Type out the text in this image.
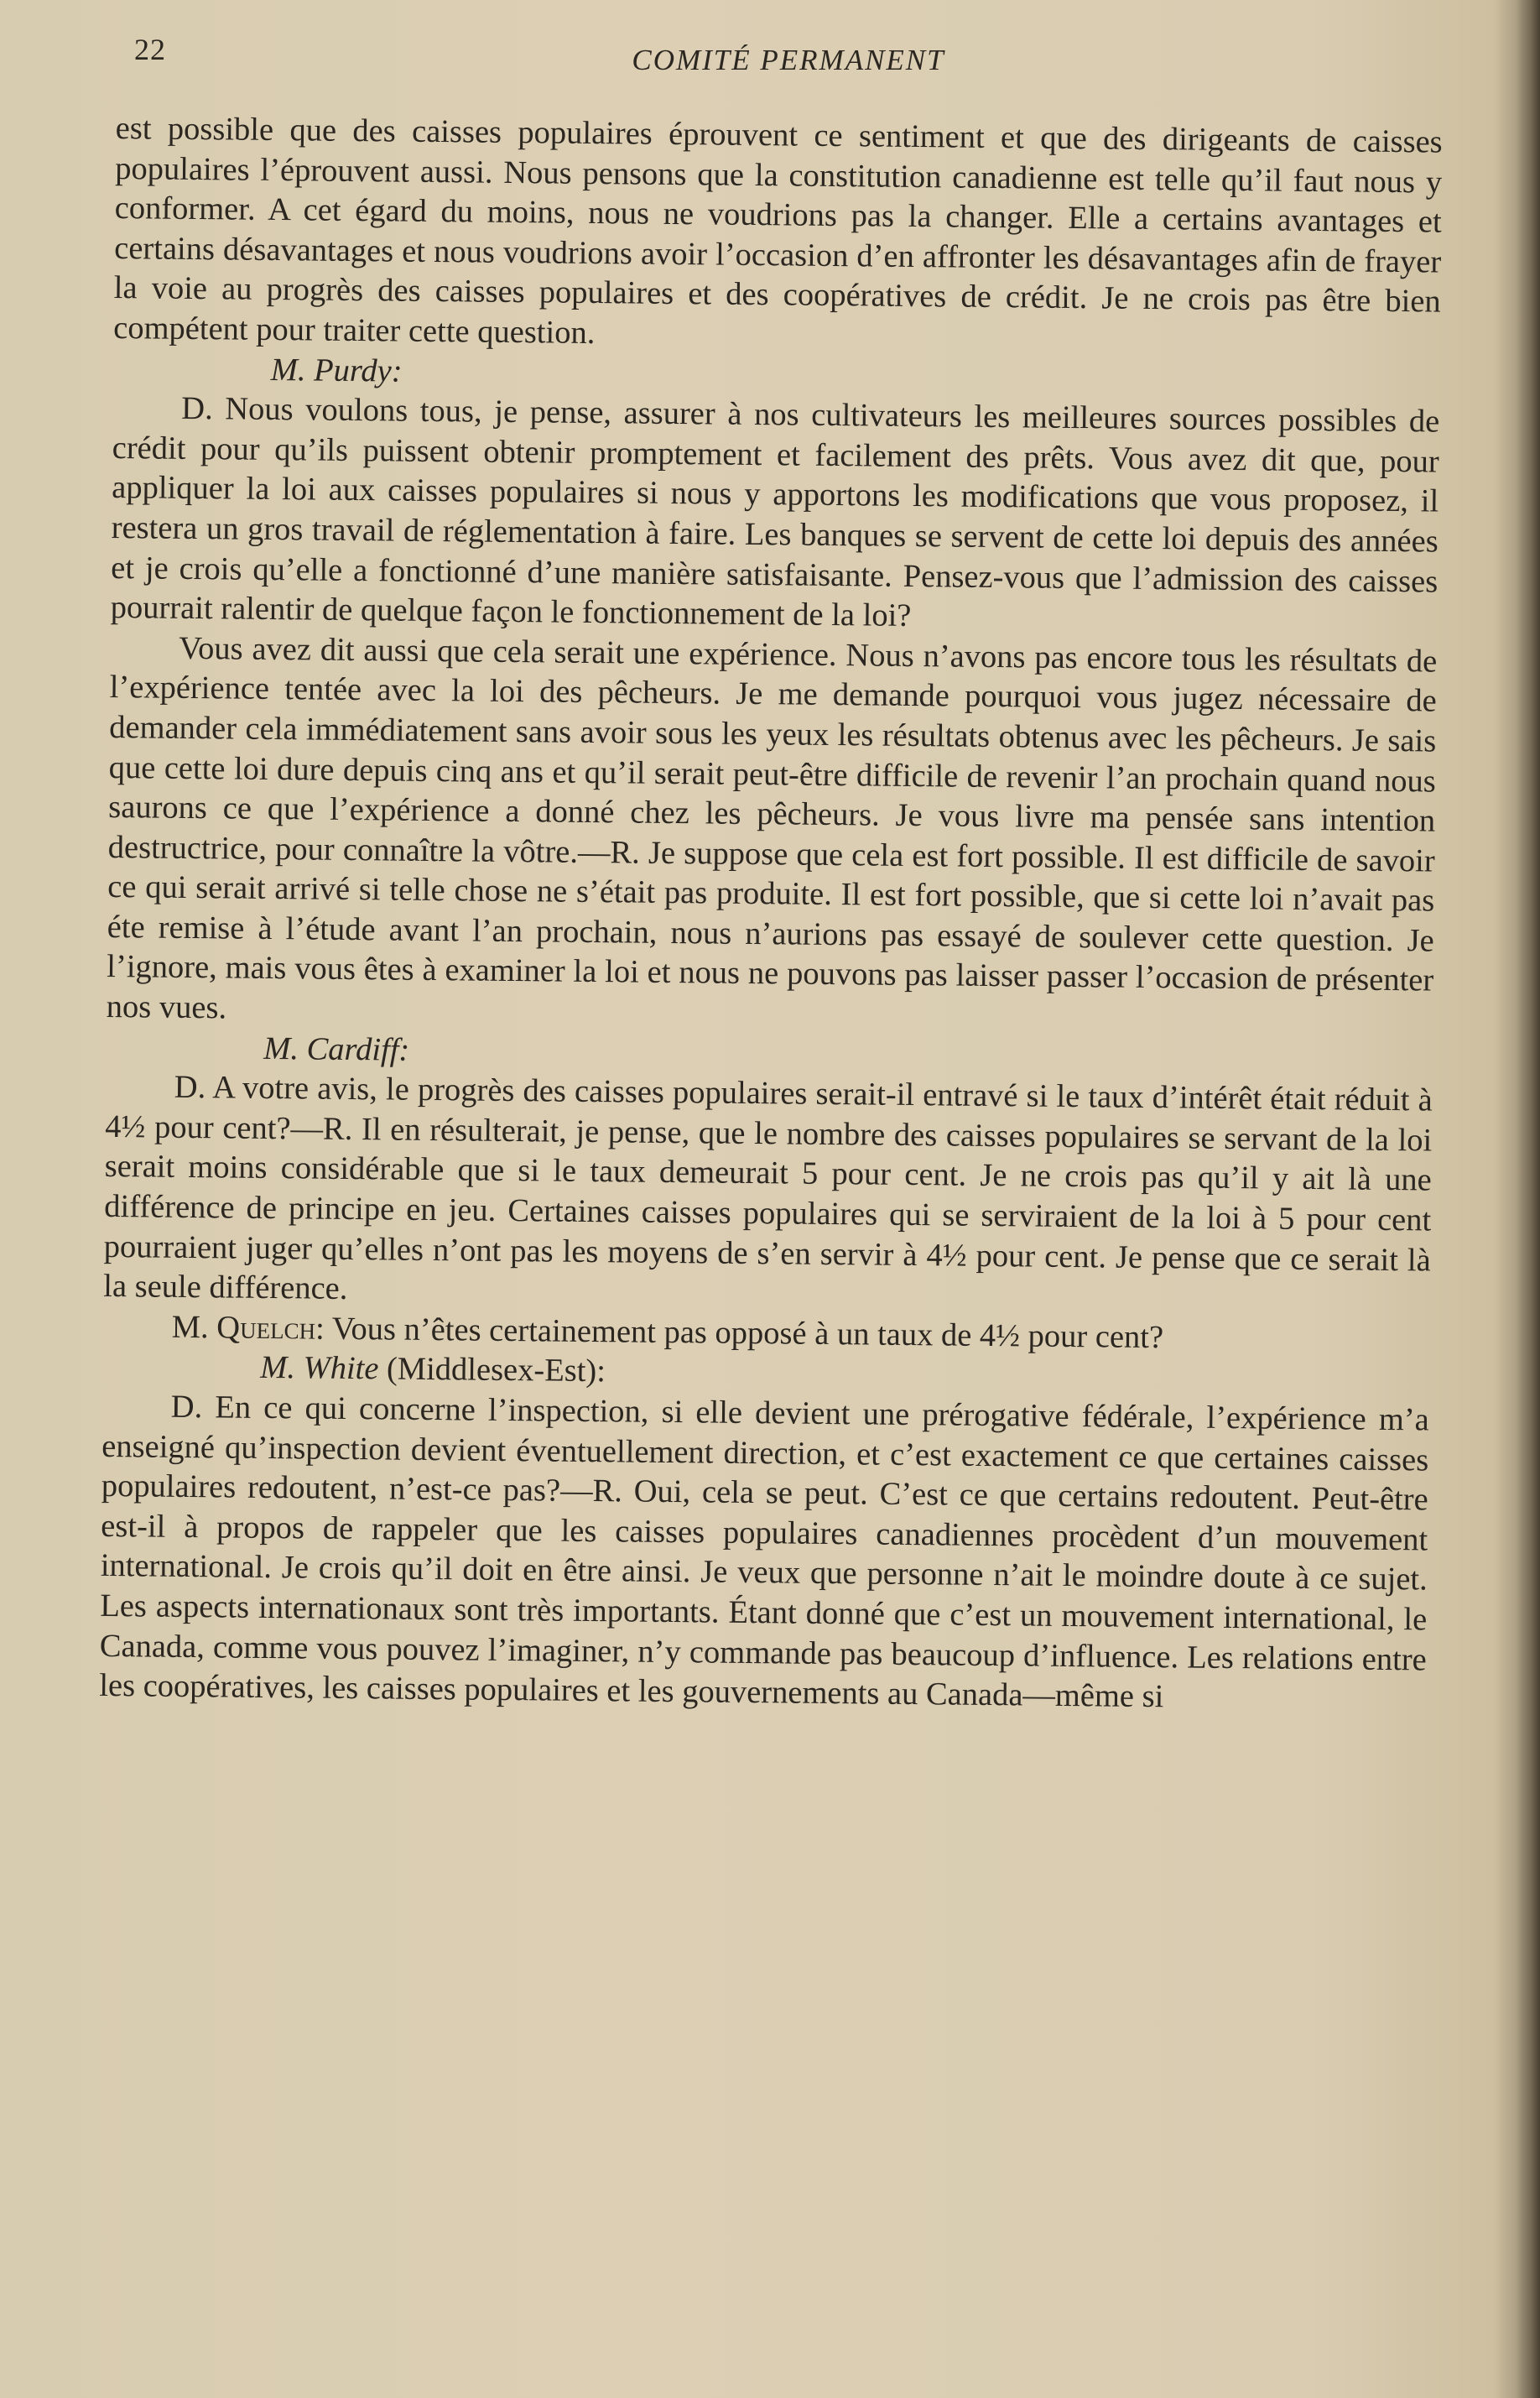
22	COMITÉ PERMANENT

est possible que des caisses populaires éprouvent ce sentiment et que des dirigeants de caisses populaires l’éprouvent aussi. Nous pensons que la constitution canadienne est telle qu’il faut nous y conformer. A cet égard du moins, nous ne voudrions pas la changer. Elle a certains avantages et certains désavantages et nous voudrions avoir l’occasion d’en affronter les désavantages afin de frayer la voie au progrès des caisses populaires et des coopératives de crédit. Je ne crois pas être bien compétent pour traiter cette question.

M. Purdy:

D. Nous voulons tous, je pense, assurer à nos cultivateurs les meilleures sources possibles de crédit pour qu’ils puissent obtenir promptement et facilement des prêts. Vous avez dit que, pour appliquer la loi aux caisses populaires si nous y apportons les modifications que vous proposez, il restera un gros travail de réglementation à faire. Les banques se servent de cette loi depuis des années et je crois qu’elle a fonctionné d’une manière satisfaisante. Pensez-vous que l’admission des caisses pourrait ralentir de quelque façon le fonctionnement de la loi?

Vous avez dit aussi que cela serait une expérience. Nous n’avons pas encore tous les résultats de l’expérience tentée avec la loi des pêcheurs. Je me demande pourquoi vous jugez nécessaire de demander cela immédiatement sans avoir sous les yeux les résultats obtenus avec les pêcheurs. Je sais que cette loi dure depuis cinq ans et qu’il serait peut-être difficile de revenir l’an prochain quand nous saurons ce que l’expérience a donné chez les pêcheurs. Je vous livre ma pensée sans intention destructrice, pour connaître la vôtre.—R. Je suppose que cela est fort possible. Il est difficile de savoir ce qui serait arrivé si telle chose ne s’était pas produite. Il est fort possible, que si cette loi n’avait pas éte remise à l’étude avant l’an prochain, nous n’aurions pas essayé de soulever cette question. Je l’ignore, mais vous êtes à examiner la loi et nous ne pouvons pas laisser passer l’occasion de présenter nos vues.

M. Cardiff:

D. A votre avis, le progrès des caisses populaires serait-il entravé si le taux d’intérêt était réduit à 4½ pour cent?—R. Il en résulterait, je pense, que le nombre des caisses populaires se servant de la loi serait moins considérable que si le taux demeurait 5 pour cent. Je ne crois pas qu’il y ait là une différence de principe en jeu. Certaines caisses populaires qui se serviraient de la loi à 5 pour cent pourraient juger qu’elles n’ont pas les moyens de s’en servir à 4½ pour cent. Je pense que ce serait là la seule différence.

M. Quelch: Vous n’êtes certainement pas opposé à un taux de 4½ pour cent?

M. White (Middlesex-Est):

D. En ce qui concerne l’inspection, si elle devient une prérogative fédérale, l’expérience m’a enseigné qu’inspection devient éventuellement direction, et c’est exactement ce que certaines caisses populaires redoutent, n’est-ce pas?—R. Oui, cela se peut. C’est ce que certains redoutent. Peut-être est-il à propos de rappeler que les caisses populaires canadiennes procèdent d’un mouvement international. Je crois qu’il doit en être ainsi. Je veux que personne n’ait le moindre doute à ce sujet. Les aspects internationaux sont très importants. Étant donné que c’est un mouvement international, le Canada, comme vous pouvez l’imaginer, n’y commande pas beaucoup d’influence. Les relations entre les coopératives, les caisses populaires et les gouvernements au Canada—même si
